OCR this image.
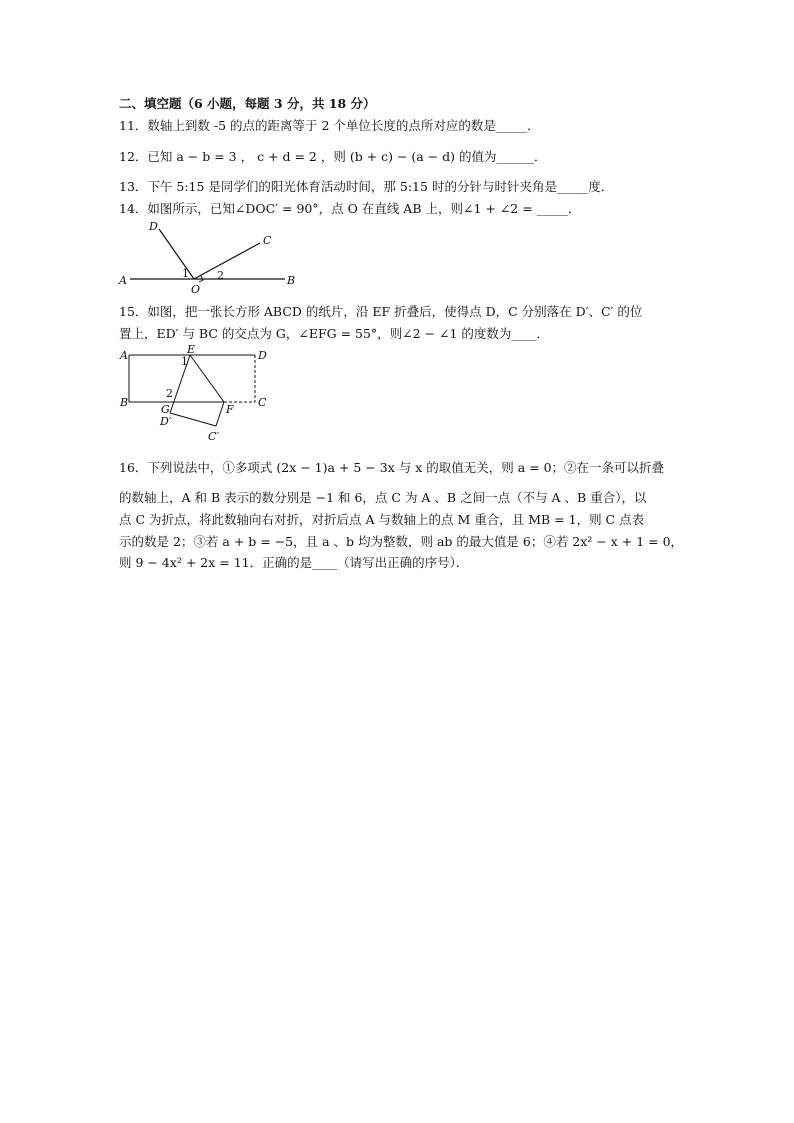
二、填空题（6 小题，每题 3 分，共 18 分）
11．数轴上到数 -5 的点的距离等于 2 个单位长度的点所对应的数是_____．
12．已知 a − b = 3 ， c + d = 2 ，则 (b + c) − (a − d) 的值为______．
13．下午 5:15 是同学们的阳光体育活动时间，那 5:15 时的分针与时针夹角是_____度．
14．如图所示，已知∠DOC′ = 90°，点 O 在直线 AB 上，则∠1 + ∠2 = _____．
A	B
C
D
O
1	2
15．如图，把一张长方形 ABCD 的纸片，沿 EF 折叠后，使得点 D，C 分别落在 D′、C′ 的位
置上，ED′ 与 BC 的交点为 G，∠EFG = 55°，则∠2 − ∠1 的度数为____．
A
B	C
D
E
F
G
D′
C′
1
2
16．下列说法中，①多项式 (2x − 1)a + 5 − 3x 与 x 的取值无关，则 a = 0；②在一条可以折叠
的数轴上，A 和 B 表示的数分别是 −1 和 6，点 C 为 A 、B 之间一点（不与 A 、B 重合），以
点 C 为折点，将此数轴向右对折，对折后点 A 与数轴上的点 M 重合，且 MB = 1，则 C 点表
示的数是 2；③若 a + b = −5，且 a 、b 均为整数，则 ab 的最大值是 6；④若 2x² − x + 1 = 0，
则 9 − 4x² + 2x = 11．正确的是____（请写出正确的序号）．
